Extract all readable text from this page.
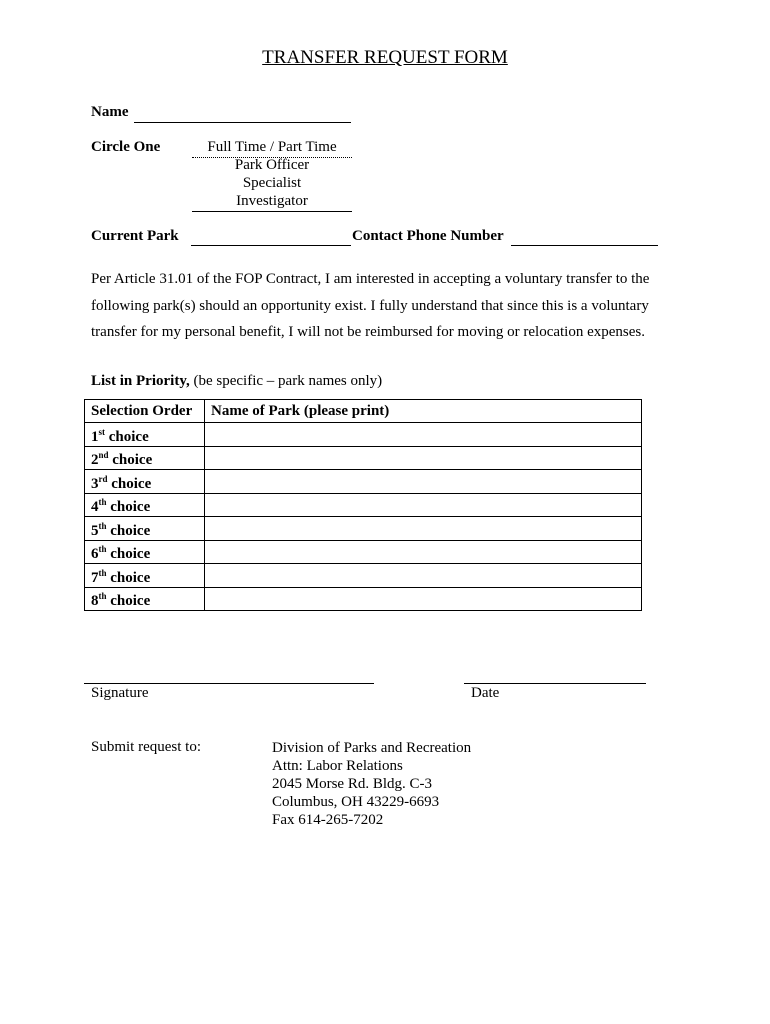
TRANSFER REQUEST FORM
Name
Circle One	Full Time / Part Time
Park Officer
Specialist
Investigator
Current Park	Contact Phone Number
Per Article 31.01 of the FOP Contract, I am interested in accepting a voluntary transfer to the following park(s) should an opportunity exist. I fully understand that since this is a voluntary transfer for my personal benefit, I will not be reimbursed for moving or relocation expenses.
List in Priority, (be specific – park names only)
Selection Order	Name of Park (please print)
1st choice	
2nd choice	
3rd choice	
4th choice	
5th choice	
6th choice	
7th choice	
8th choice	
Signature	Date
Submit request to:	Division of Parks and Recreation
Attn: Labor Relations
2045 Morse Rd. Bldg. C-3
Columbus, OH 43229-6693
Fax 614-265-7202
